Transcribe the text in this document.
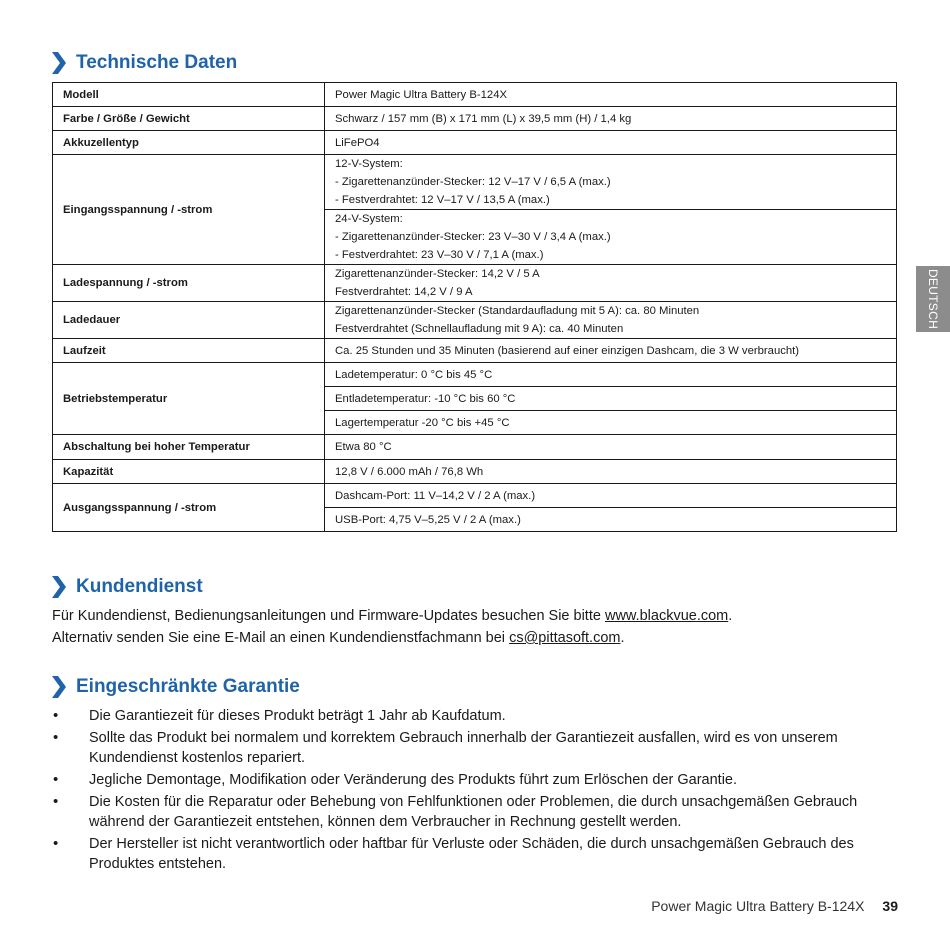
Technische Daten
Modell	Power Magic Ultra Battery B-124X
Farbe / Größe / Gewicht	Schwarz / 157 mm (B) x 171 mm (L) x 39,5 mm (H) / 1,4 kg
Akkuzellentyp	LiFePO4
Eingangsspannung / -strom	12-V-System:
- Zigarettenanzünder-Stecker: 12 V–17 V / 6,5 A (max.)
- Festverdrahtet: 12 V–17 V / 13,5 A (max.)

	24-V-System:
- Zigarettenanzünder-Stecker: 23 V–30 V / 3,4 A (max.)
- Festverdrahtet: 23 V–30 V / 7,1 A (max.)

Ladespannung / -strom	Zigarettenanzünder-Stecker: 14,2 V / 5 A
Festverdrahtet: 14,2 V / 9 A

Ladedauer	Zigarettenanzünder-Stecker (Standardaufladung mit 5 A): ca. 80 Minuten
Festverdrahtet (Schnellaufladung mit 9 A): ca. 40 Minuten

Laufzeit	Ca. 25 Stunden und 35 Minuten (basierend auf einer einzigen Dashcam, die 3 W verbraucht)
Betriebstemperatur	Ladetemperatur: 0 °C bis 45 °C
	Entladetemperatur: -10 °C bis 60 °C
	Lagertemperatur -20 °C bis +45 °C
Abschaltung bei hoher Temperatur	Etwa 80 °C
Kapazität	12,8 V / 6.000 mAh / 76,8 Wh
Ausgangsspannung / -strom	Dashcam-Port: 11 V–14,2 V / 2 A (max.)
	USB-Port: 4,75 V–5,25 V / 2 A (max.)
Kundendienst
Für Kundendienst, Bedienungsanleitungen und Firmware-Updates besuchen Sie bitte www.blackvue.com.
Alternativ senden Sie eine E-Mail an einen Kundendienstfachmann bei cs@pittasoft.com.
Eingeschränkte Garantie
• Die Garantiezeit für dieses Produkt beträgt 1 Jahr ab Kaufdatum.
• Sollte das Produkt bei normalem und korrektem Gebrauch innerhalb der Garantiezeit ausfallen, wird es von unserem Kundendienst kostenlos repariert.
• Jegliche Demontage, Modifikation oder Veränderung des Produkts führt zum Erlöschen der Garantie.
• Die Kosten für die Reparatur oder Behebung von Fehlfunktionen oder Problemen, die durch unsachgemäßen Gebrauch während der Garantiezeit entstehen, können dem Verbraucher in Rechnung gestellt werden.
• Der Hersteller ist nicht verantwortlich oder haftbar für Verluste oder Schäden, die durch unsachgemäßen Gebrauch des Produktes entstehen.
DEUTSCH
Power Magic Ultra Battery B-124X 39
